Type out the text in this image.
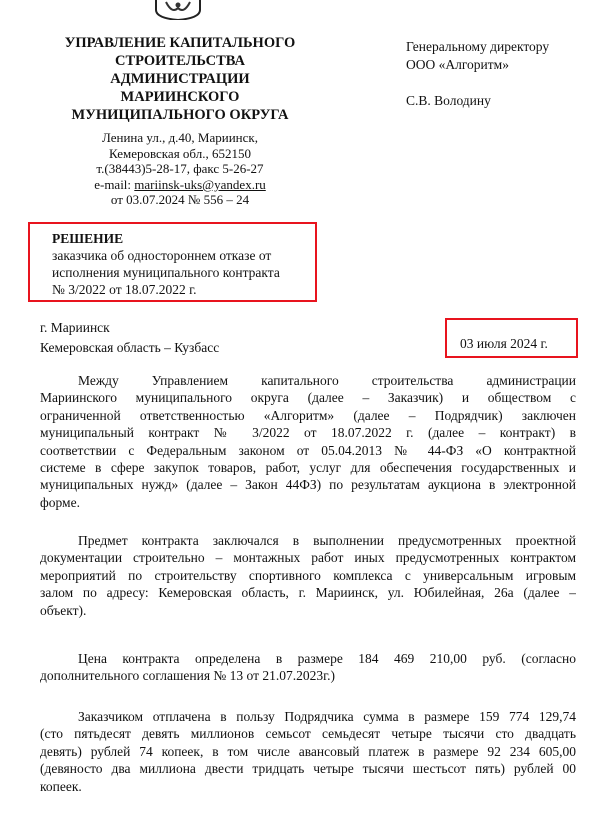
УПРАВЛЕНИЕ КАПИТАЛЬНОГО
СТРОИТЕЛЬСТВА
АДМИНИСТРАЦИИ
МАРИИНСКОГО
МУНИЦИПАЛЬНОГО ОКРУГА
Ленина ул., д.40, Мариинск,
Кемеровская обл., 652150
т.(38443)5-28-17, факс 5-26-27
e-mail: mariinsk-uks@yandex.ru
от 03.07.2024 № 556 – 24
Генеральному директору
ООО «Алгоритм»
С.В. Володину
РЕШЕНИЕ
заказчика об одностороннем отказе от
исполнения муниципального контракта
№ 3/2022 от 18.07.2022 г.
г. Мариинск
Кемеровская область – Кузбасс	03 июля 2024 г.
Между Управлением капитального строительства администрации
Мариинского муниципального округа (далее – Заказчик) и обществом с
ограниченной ответственностью «Алгоритм» (далее – Подрядчик) заключен
муниципальный контракт № 3/2022 от 18.07.2022 г. (далее – контракт) в
соответствии с Федеральным законом от 05.04.2013 № 44-ФЗ «О контрактной
системе в сфере закупок товаров, работ, услуг для обеспечения государственных и
муниципальных нужд» (далее – Закон 44ФЗ) по результатам аукциона в электронной
форме.
Предмет контракта заключался в выполнении предусмотренных проектной
документации строительно – монтажных работ иных предусмотренных контрактом
мероприятий по строительству спортивного комплекса с универсальным игровым
залом по адресу: Кемеровская область, г. Мариинск, ул. Юбилейная, 26а (далее –
объект).
Цена контракта определена в размере 184 469 210,00 руб. (согласно
дополнительного соглашения № 13 от 21.07.2023г.)
Заказчиком отплачена в пользу Подрядчика сумма в размере 159 774 129,74
(сто пятьдесят девять миллионов семьсот семьдесят четыре тысячи сто двадцать
девять) рублей 74 копеек, в том числе авансовый платеж в размере 92 234 605,00
(девяносто два миллиона двести тридцать четыре тысячи шестьсот пять) рублей 00
копеек.
